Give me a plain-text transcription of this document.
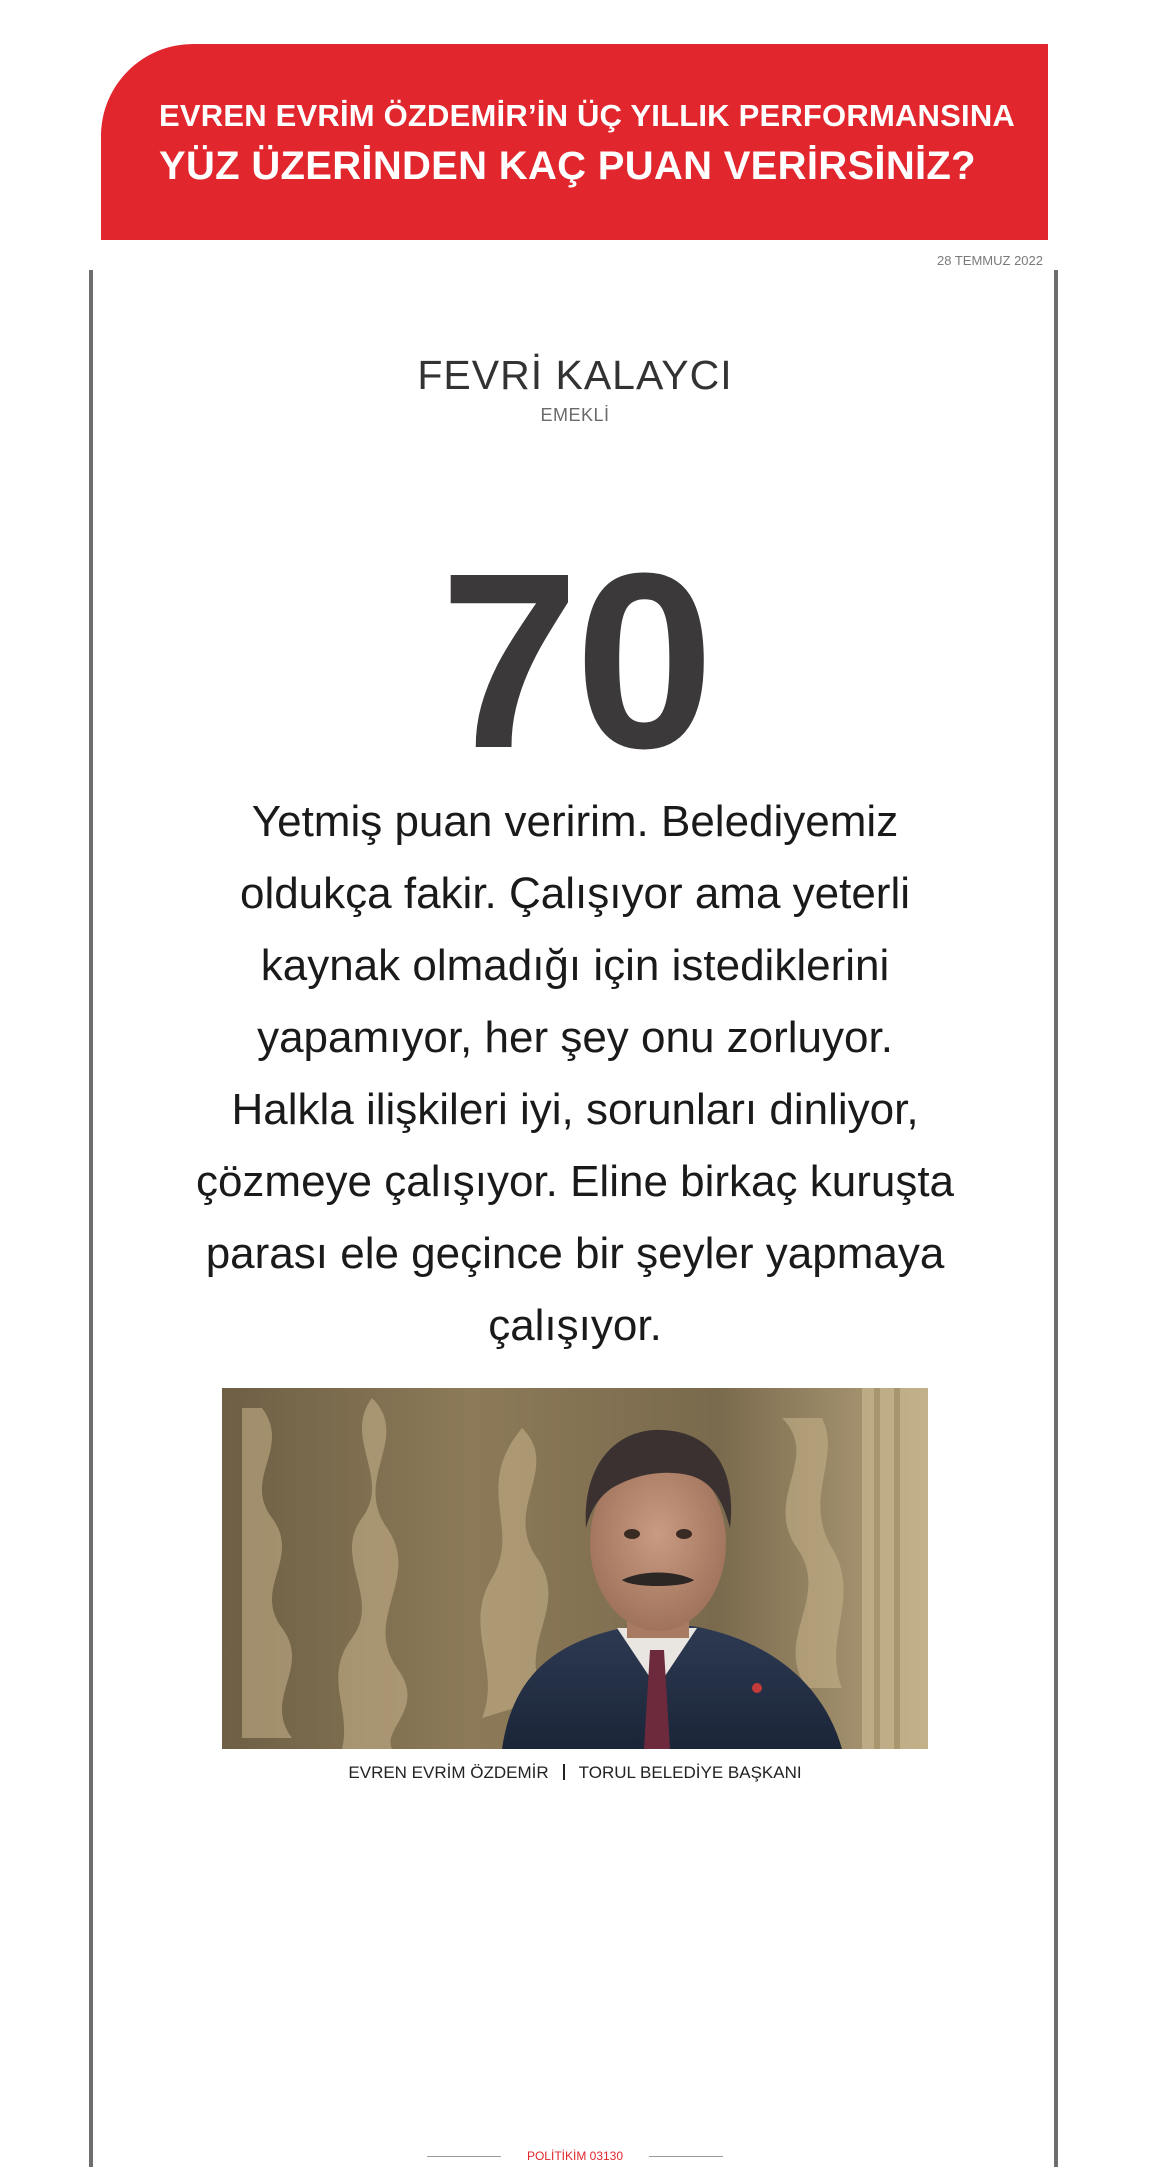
EVREN EVRİM ÖZDEMİR’İN ÜÇ YILLIK PERFORMANSINA
YÜZ ÜZERİNDEN KAÇ PUAN VERİRSİNİZ?
28 TEMMUZ 2022
FEVRİ KALAYCI
EMEKLİ
70
Yetmiş puan veririm. Belediyemiz oldukça fakir. Çalışıyor ama yeterli kaynak olmadığı için istediklerini yapamıyor, her şey onu zorluyor. Halkla ilişkileri iyi, sorunları dinliyor, çözmeye çalışıyor. Eline birkaç kuruşta parası ele geçince bir şeyler yapmaya çalışıyor.
EVREN EVRİM ÖZDEMİR TORUL BELEDİYE BAŞKANI
POLİTİKİM 03130
